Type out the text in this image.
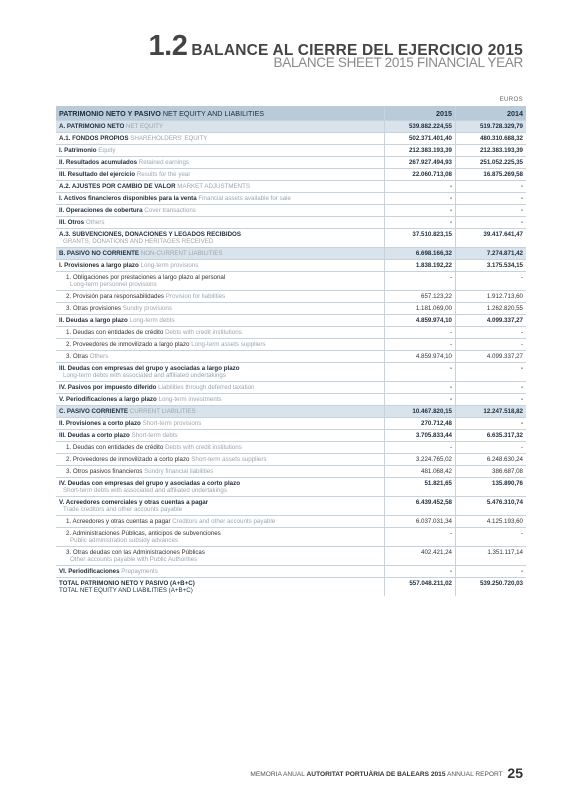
1.2 BALANCE AL CIERRE DEL EJERCICIO 2015
BALANCE SHEET 2015 FINANCIAL YEAR
EUROS
PATRIMONIO NETO Y PASIVO NET EQUITY AND LIABILITIES	2015	2014
A. PATRIMONIO NETO NET EQUITY	539.882.224,55	519.728.329,79
A.1. FONDOS PROPIOS SHAREHOLDERS' EQUITY	502.371.401,40	480.310.688,32
I. Patrimonio Equity	212.383.193,39	212.383.193,39
II. Resultados acumulados Retained earnings	267.927.494,93	251.052.225,35
III. Resultado del ejercicio Results for the year	22.060.713,08	16.875.269,58
A.2. AJUSTES POR CAMBIO DE VALOR MARKET ADJUSTMENTS	-	-
I. Activos financieros disponibles para la venta Financial assets available for sale	-	-
II. Operaciones de cobertura Cover transactions	-	-
III. Otros Others	-	-

A.3. SUBVENCIONES, DONACIONES Y LEGADOS RECIBIDOS
GRANTS, DONATIONS AND HERITAGES RECEIVED	37.510.823,15	39.417.641,47
B. PASIVO NO CORRIENTE NON-CURRENT LIABILITIES	6.698.166,32	7.274.871,42
I. Provisiones a largo plazo Long-term provisions	1.838.192,22	3.175.534,15

1. Obligaciones por prestaciones a largo plazo al personal
Long-term personnel provisions	-	-
2. Provisión para responsabilidades Provision for liabilities	657.123,22	1.912.713,60
3. Otras provisiones Sundry provisions	1.181.069,00	1.262.820,55
II. Deudas a largo plazo Long-term debts	4.859.974,10	4.099.337,27
1. Deudas con entidades de crédito Debts with credit institutions	-	-
2. Proveedores de inmovilizado a largo plazo Long-term assets suppliers	-	-
3. Otras Others	4.859.974,10	4.099.337,27

III. Deudas con empresas del grupo y asociadas a largo plazo
Long-term debts with associated and affiliated undertakings	-	-
IV. Pasivos por impuesto diferido Liabilities through deferred taxation	-	-
V. Periodificaciones a largo plazo Long-term investments	-	-
C. PASIVO CORRIENTE CURRENT LIABILITIES	10.467.820,15	12.247.518,82
II. Provisiones a corto plazo Short-term provisions	270.712,48	-
III. Deudas a corto plazo Short-term debts	3.705.833,44	6.635.317,32
1. Deudas con entidades de crédito Debts with credit institutions	-	-
2. Proveedores de inmovilizado a corto plazo Short-term assets suppliers	3.224.765,02	6.248.630,24
3. Otros pasivos financieros Sundry financial liabilities	481.068,42	386.687,08

IV. Deudas con empresas del grupo y asociadas a corto plazo
Short-term debts with associated and affiliated undertakings	51.821,65	135.890,76

V. Acreedores comerciales y otras cuentas a pagar
Trade creditors and other accounts payable	6.439.452,58	5.476.310,74
1. Acreedores y otras cuentas a pagar Creditors and other accounts payable	6.037.031,34	4.125.193,60

2. Administraciones Públicas, anticipos de subvenciones
Public administration subsidy advances	-	-

3. Otras deudas con las Administraciones Públicas
Other accounts payable with Public Authorities	402.421,24	1.351.117,14
VI. Periodificaciones Prepayments	-	-

TOTAL PATRIMONIO NETO Y PASIVO (A+B+C)
TOTAL NET EQUITY AND LIABILITIES (A+B+C)	557.048.211,02	539.250.720,03
MEMORIA ANUAL AUTORITAT PORTUÀRIA DE BALEARS 2015 ANNUAL REPORT 25
